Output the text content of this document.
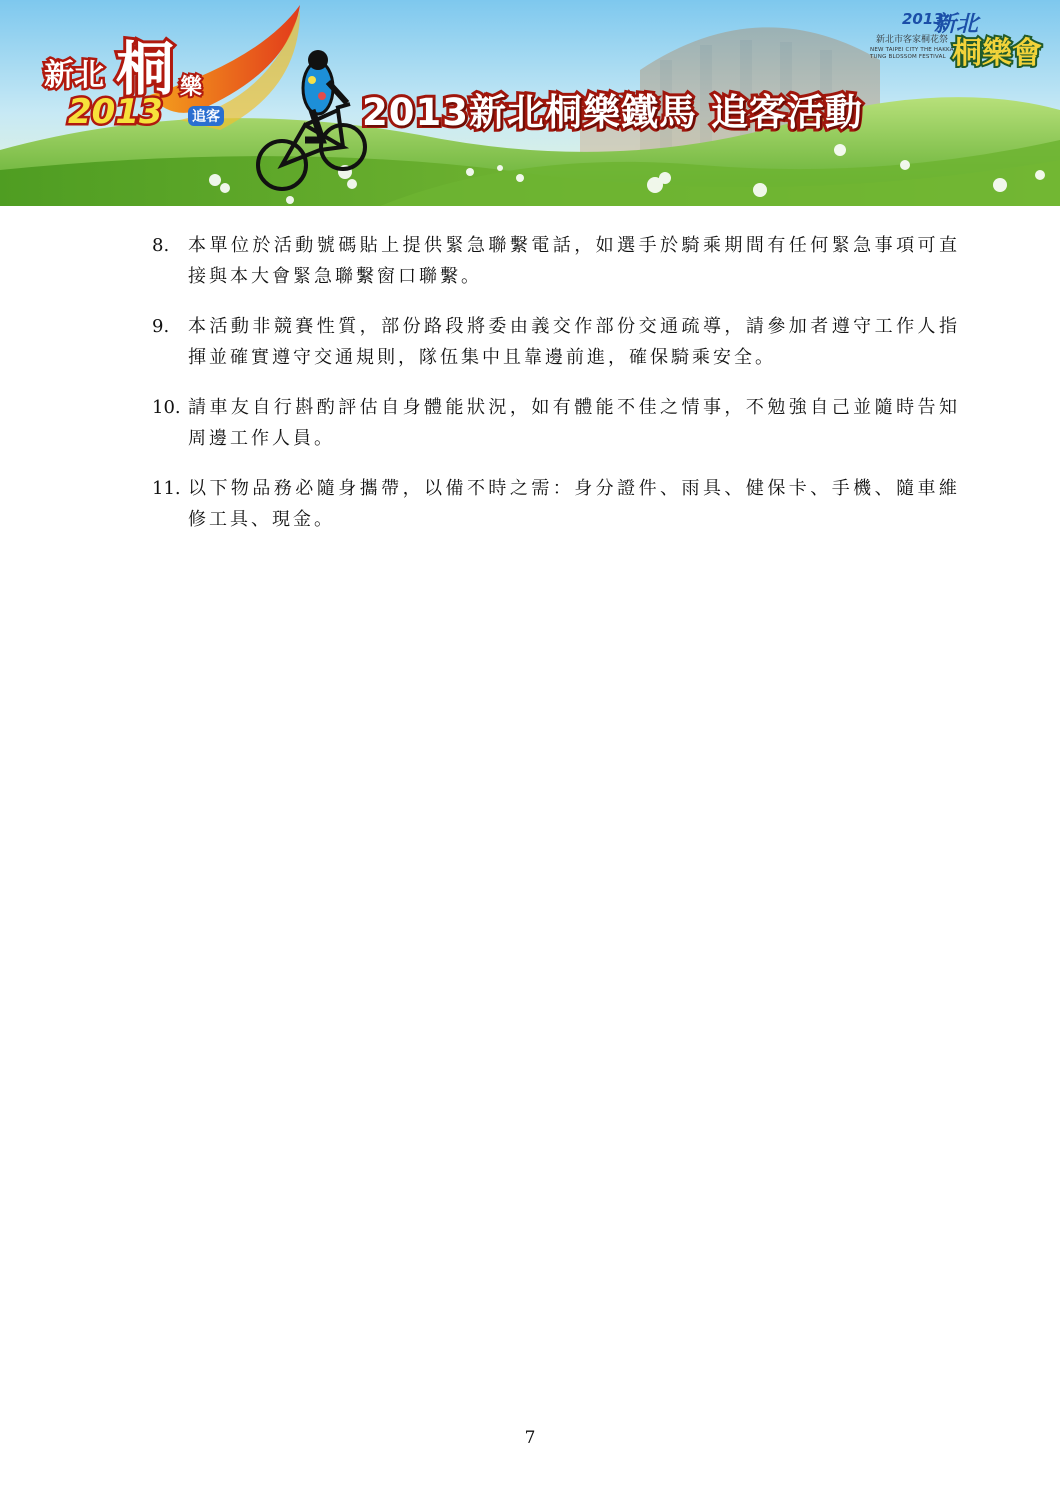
新北 桐 樂
2013 追客	2013新北桐樂鐵馬 追客活動
2013
新北
新北市客家桐花祭
NEW TAIPEI CITY THE HAKKA
TUNG BLOSSOM FESTIVAL 桐樂會
8. 本單位於活動號碼貼上提供緊急聯繫電話，如選手於騎乘期間有任何緊急事項可直接與本大會緊急聯繫窗口聯繫。
9. 本活動非競賽性質，部份路段將委由義交作部份交通疏導，請參加者遵守工作人指揮並確實遵守交通規則，隊伍集中且靠邊前進，確保騎乘安全。
10. 請車友自行斟酌評估自身體能狀況，如有體能不佳之情事，不勉強自己並隨時告知周邊工作人員。
11. 以下物品務必隨身攜帶，以備不時之需：身分證件、雨具、健保卡、手機、隨車維修工具、現金。
7
